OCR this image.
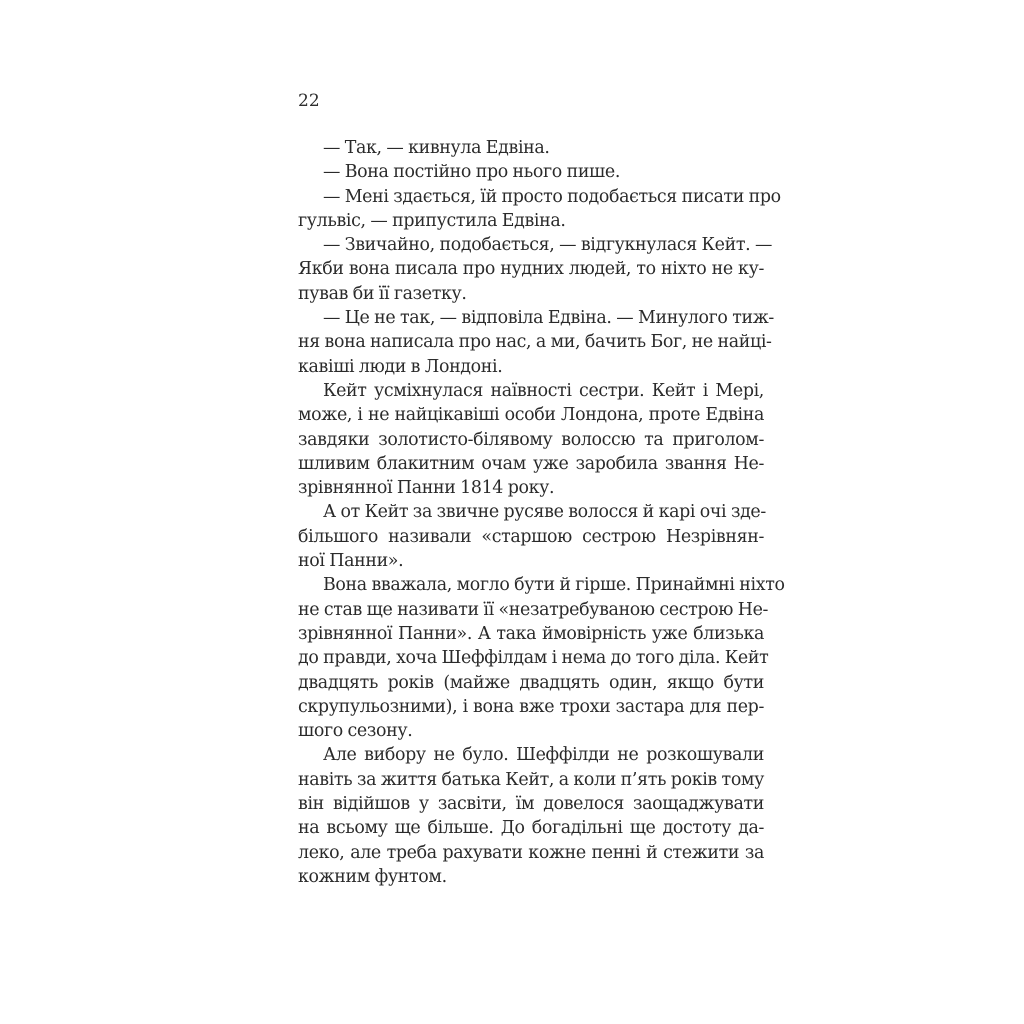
22
— Так, — кивнула Едвіна.
— Вона постійно про нього пише.
— Мені здається, їй просто подобається писати про
гульвіс, — припустила Едвіна.
— Звичайно, подобається, — відгукнулася Кейт. —
Якби вона писала про нудних людей, то ніхто не ку-
пував би її газетку.
— Це не так, — відповіла Едвіна. — Минулого тиж-
ня вона написала про нас, а ми, бачить Бог, не найці-
кавіші люди в Лондоні.
Кейт усміхнулася наївності сестри. Кейт і Мері,
може, і не найцікавіші особи Лондона, проте Едвіна
завдяки золотисто-білявому волоссю та приголом-
шливим блакитним очам уже заробила звання Не-
зрівнянної Панни 1814 року.
А от Кейт за звичне русяве волосся й карі очі зде-
більшого називали «старшою сестрою Незрівнян-
ної Панни».
Вона вважала, могло бути й гірше. Принаймні ніхто
не став ще називати її «незатребуваною сестрою Не-
зрівнянної Панни». А така ймовірність уже близька
до правди, хоча Шеффілдам і нема до того діла. Кейт
двадцять років (майже двадцять один, якщо бути
скрупульозними), і вона вже трохи застара для пер-
шого сезону.
Але вибору не було. Шеффілди не розкошували
навіть за життя батька Кейт, а коли п’ять років тому
він відійшов у засвіти, їм довелося заощаджувати
на всьому ще більше. До богадільні ще достоту да-
леко, але треба рахувати кожне пенні й стежити за
кожним фунтом.
